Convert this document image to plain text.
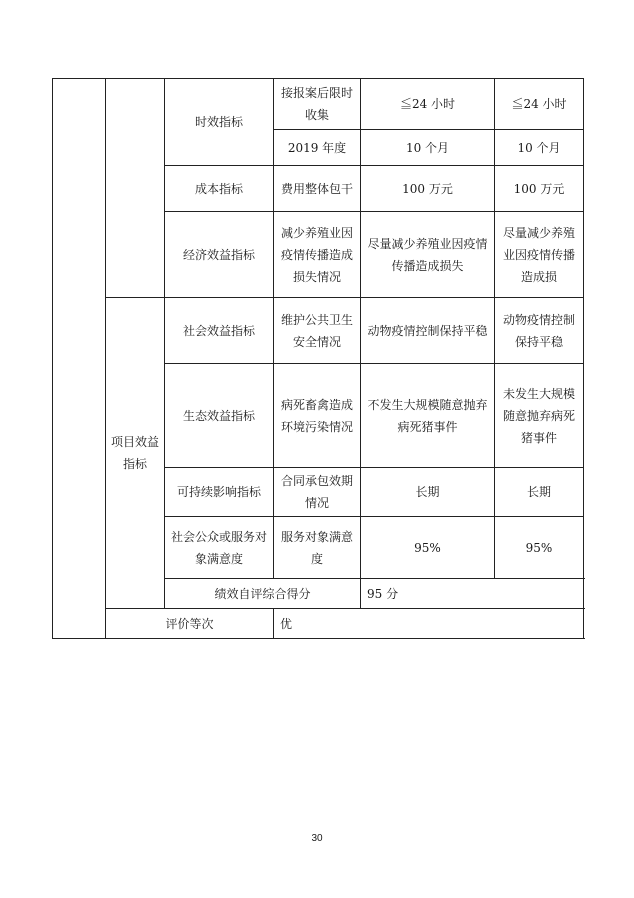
		时效指标	接报案后限时收集	≦24 小时	≦24 小时
			2019 年度	10 个月	10 个月
		成本指标	费用整体包干	100 万元	100 万元
		经济效益指标	减少养殖业因疫情传播造成损失情况	尽量减少养殖业因疫情传播造成损失	尽量减少养殖业因疫情传播造成损
	项目效益指标	社会效益指标	维护公共卫生安全情况	动物疫情控制保持平稳	动物疫情控制保持平稳
		生态效益指标	病死畜禽造成环境污染情况	不发生大规模随意抛弃病死猪事件	未发生大规模随意抛弃病死猪事件
		可持续影响指标	合同承包效期情况	长期	长期
		社会公众或服务对象满意度	服务对象满意度	95%	95%
		绩效自评综合得分		95 分	
	评价等次		优		
30
